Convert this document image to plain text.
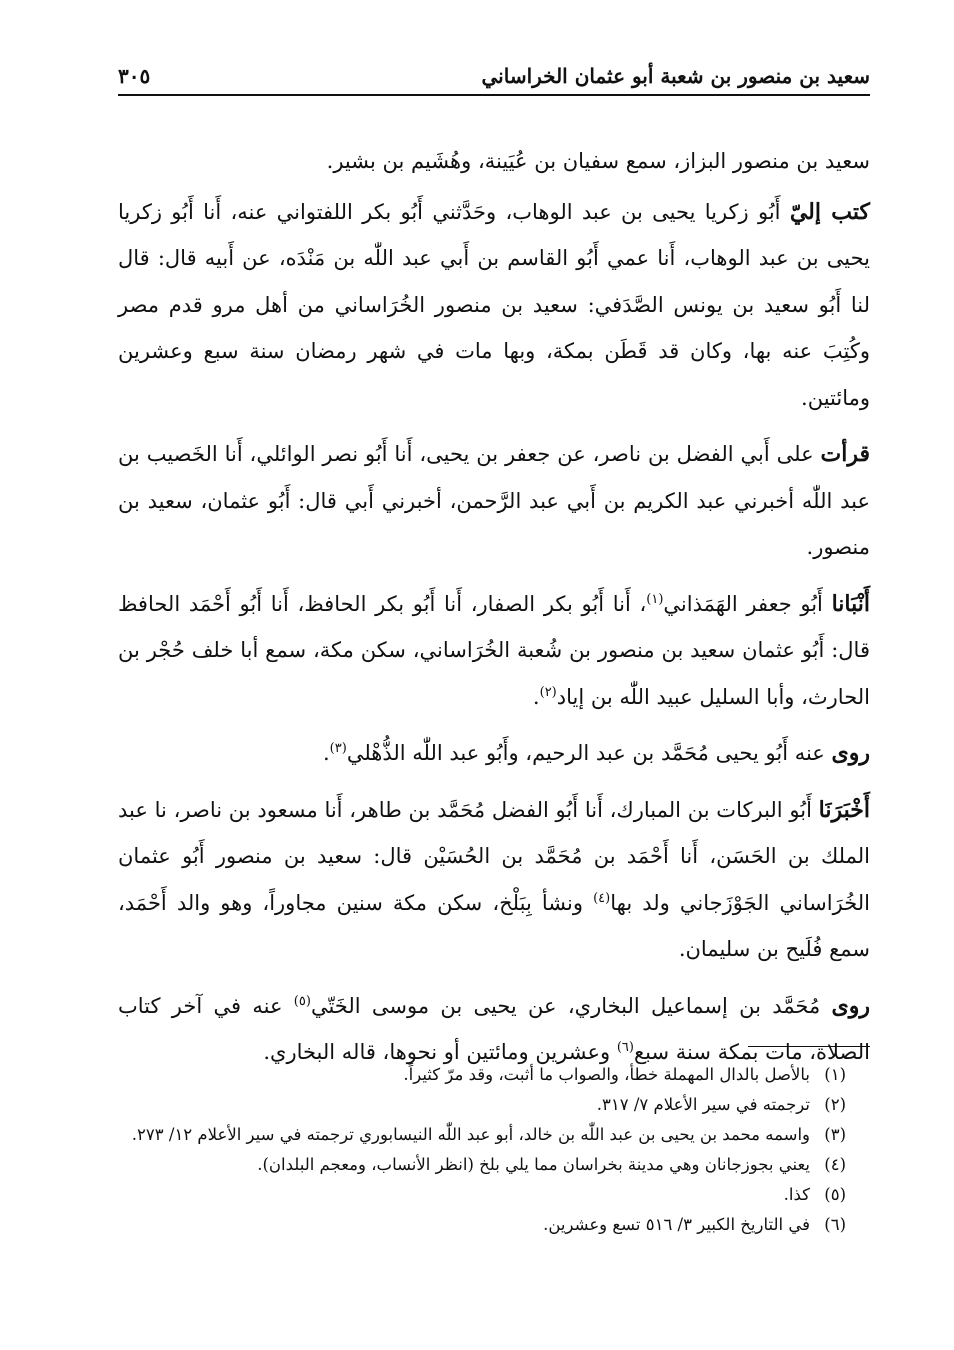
سعيد بن منصور بن شعبة أبو عثمان الخراساني
٣٠٥

سعيد بن منصور البزاز، سمع سفيان بن عُيَينة، وهُشَيم بن بشير.

كتب إليّ أَبُو زكريا يحيى بن عبد الوهاب، وحَدَّثني أَبُو بكر اللفتواني عنه، أَنا أَبُو زكريا يحيى بن عبد الوهاب، أَنا عمي أَبُو القاسم بن أَبي عبد اللّٰه بن مَنْدَه، عن أَبيه قال: قال لنا أَبُو سعيد بن يونس الصَّدَفي: سعيد بن منصور الخُرَاساني من أهل مرو قدم مصر وكُتِبَ عنه بها، وكان قد قَطَن بمكة، وبها مات في شهر رمضان سنة سبع وعشرين ومائتين.

قرأت على أَبي الفضل بن ناصر، عن جعفر بن يحيى، أَنا أَبُو نصر الوائلي، أَنا الخَصيب بن عبد اللّٰه أخبرني عبد الكريم بن أَبي عبد الرَّحمن، أخبرني أَبي قال: أَبُو عثمان، سعيد بن منصور.

أَنْبَانا أَبُو جعفر الهَمَذاني$^{(١)}$، أَنا أَبُو بكر الصفار، أَنا أَبُو بكر الحافظ، أَنا أَبُو أَحْمَد الحافظ قال: أَبُو عثمان سعيد بن منصور بن شُعبة الخُرَاساني، سكن مكة، سمع أبا خلف حُجْر بن الحارث، وأبا السليل عبيد اللّٰه بن إياد$^{(٢)}$.

روى عنه أَبُو يحيى مُحَمَّد بن عبد الرحيم، وأَبُو عبد اللّٰه الذُّهْلي$^{(٣)}$.

أَخْبَرَنَا أَبُو البركات بن المبارك، أَنا أَبُو الفضل مُحَمَّد بن طاهر، أَنا مسعود بن ناصر، نا عبد الملك بن الحَسَن، أَنا أَحْمَد بن مُحَمَّد بن الحُسَيْن قال: سعيد بن منصور أَبُو عثمان الخُرَاساني الجَوْزَجاني ولد بها$^{(٤)}$ ونشأ بِبَلْخ، سكن مكة سنين مجاوراً، وهو والد أَحْمَد، سمع فُلَيح بن سليمان.

روى مُحَمَّد بن إسماعيل البخاري، عن يحيى بن موسى الخَتّي$^{(٥)}$ عنه في آخر كتاب الصلاة، مات بمكة سنة سبع$^{(٦)}$ وعشرين ومائتين أو نحوها، قاله البخاري.

(١)
بالأصل بالدال المهملة خطأ، والصواب ما أثبت، وقد مرّ كثيراً.
(٢)
ترجمته في سير الأعلام ٧/ ٣١٧.
(٣)
واسمه محمد بن يحيى بن عبد اللّٰه بن خالد، أبو عبد اللّٰه النيسابوري ترجمته في سير الأعلام ١٢/ ٢٧٣.
(٤)
يعني بجوزجانان وهي مدينة بخراسان مما يلي بلخ (انظر الأنساب، ومعجم البلدان).
(٥)
كذا.
(٦)
في التاريخ الكبير ٣/ ٥١٦ تسع وعشرين.
